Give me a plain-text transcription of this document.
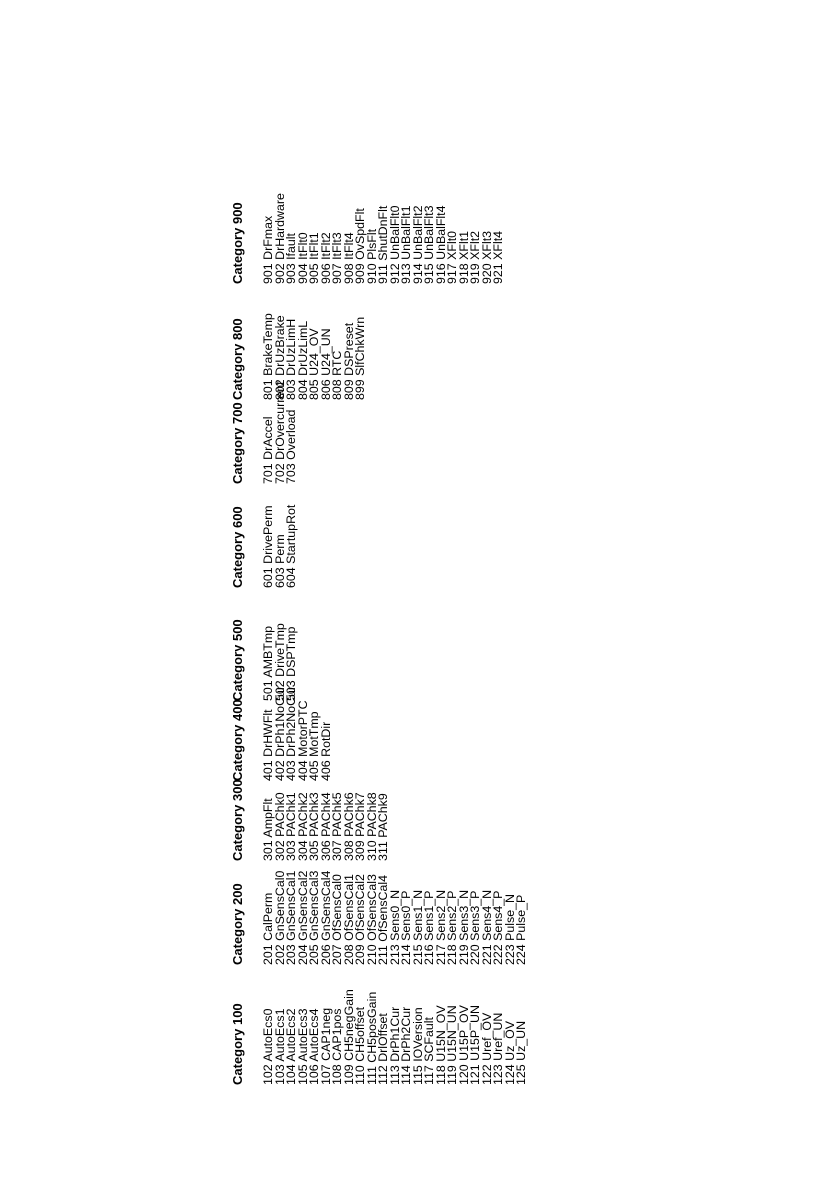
Category 100	Category 200	Category 300	Category 400	Category 500	Category 600	Category 700	Category 800	Category 900
102 AutoEcs0	201 CalPerm	301 AmpFlt	401 DrHWFlt	501 AMBTmp	601 DrivePerm	701 DrAccel	801 BrakeTemp	901 DrFmax
103 AutoEcs1	202 GnSensCal0	302 PAChk0	402 DrPh1NoCur	502 DriveTmp	603 Perm	702 DrOvercurrent	802 DrUzBrake	902 DrHardware
104 AutoEcs2	203 GnSensCal1	303 PAChk1	403 DrPh2NoCur	503 DSPTmp	604 StartupRot	703 Overload	803 DrUzLimH	903 Ifault
105 AutoEcs3	204 GnSensCal2	304 PAChk2	404 MotorPTC				804 DrUzLimL	904 ItFlt0
106 AutoEcs4	205 GnSensCal3	305 PAChk3	405 MotTmp				805 U24_OV	905 ItFlt1
107 CAP1neg	206 GnSensCal4	306 PAChk4	406 RotDir				806 U24_UN	906 ItFlt2
108 CAP1pos	207 OfSensCal0	307 PAChk5					808 RTC	907 ItFlt3
109 CH5negGain	208 OfSensCal1	308 PAChk6					809 DSPreset	908 ItFlt4
110 CH5offset	209 OfSensCal2	309 PAChk7					899 SlfChkWrn	909 OvSpdFlt
111 CH5posGain	210 OfSensCal3	310 PAChk8						910 PlsFlt
112 DrlOffset	211 OfSensCal4	311 PAChk9						911 ShutDnFlt
113 DrPh1Cur	213 Sens0_N							912 UnBalFlt0
114 DrPh2Cur	214 Sens0_P							913 UnBalFlt1
115 IOVersion	215 Sens1_N							914 UnBalFlt2
117 SCFault	216 Sens1_P							915 UnBalFlt3
118 U15N_OV	217 Sens2_N							916 UnBalFlt4
119 U15N_UN	218 Sens2_P							917 XFlt0
120 U15P_OV	219 Sens3_N							918 XFlt1
121 U15P_UN	220 Sens3_P							919 XFlt2
122 Uref_OV	221 Sens4_N							920 XFlt3
123 Uref_UN	222 Sens4_P							921 XFlt4
124 Uz_OV	223 Pulse_N							
125 Uz_UN	224 Pulse_P							
